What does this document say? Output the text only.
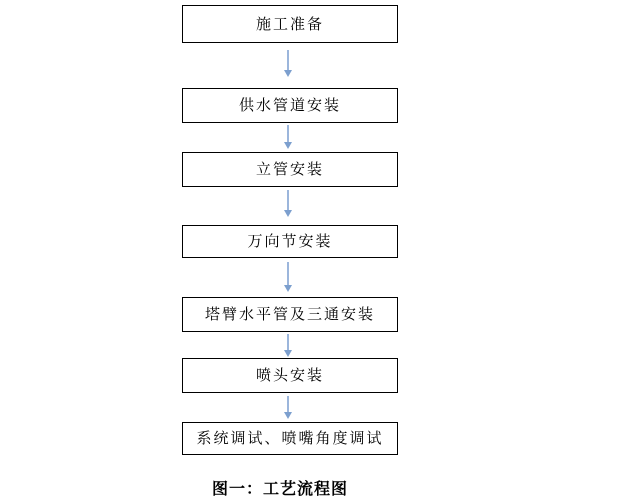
施工准备
供水管道安装
立管安装
万向节安装
塔臂水平管及三通安装
喷头安装
系统调试、喷嘴角度调试
图一：工艺流程图
